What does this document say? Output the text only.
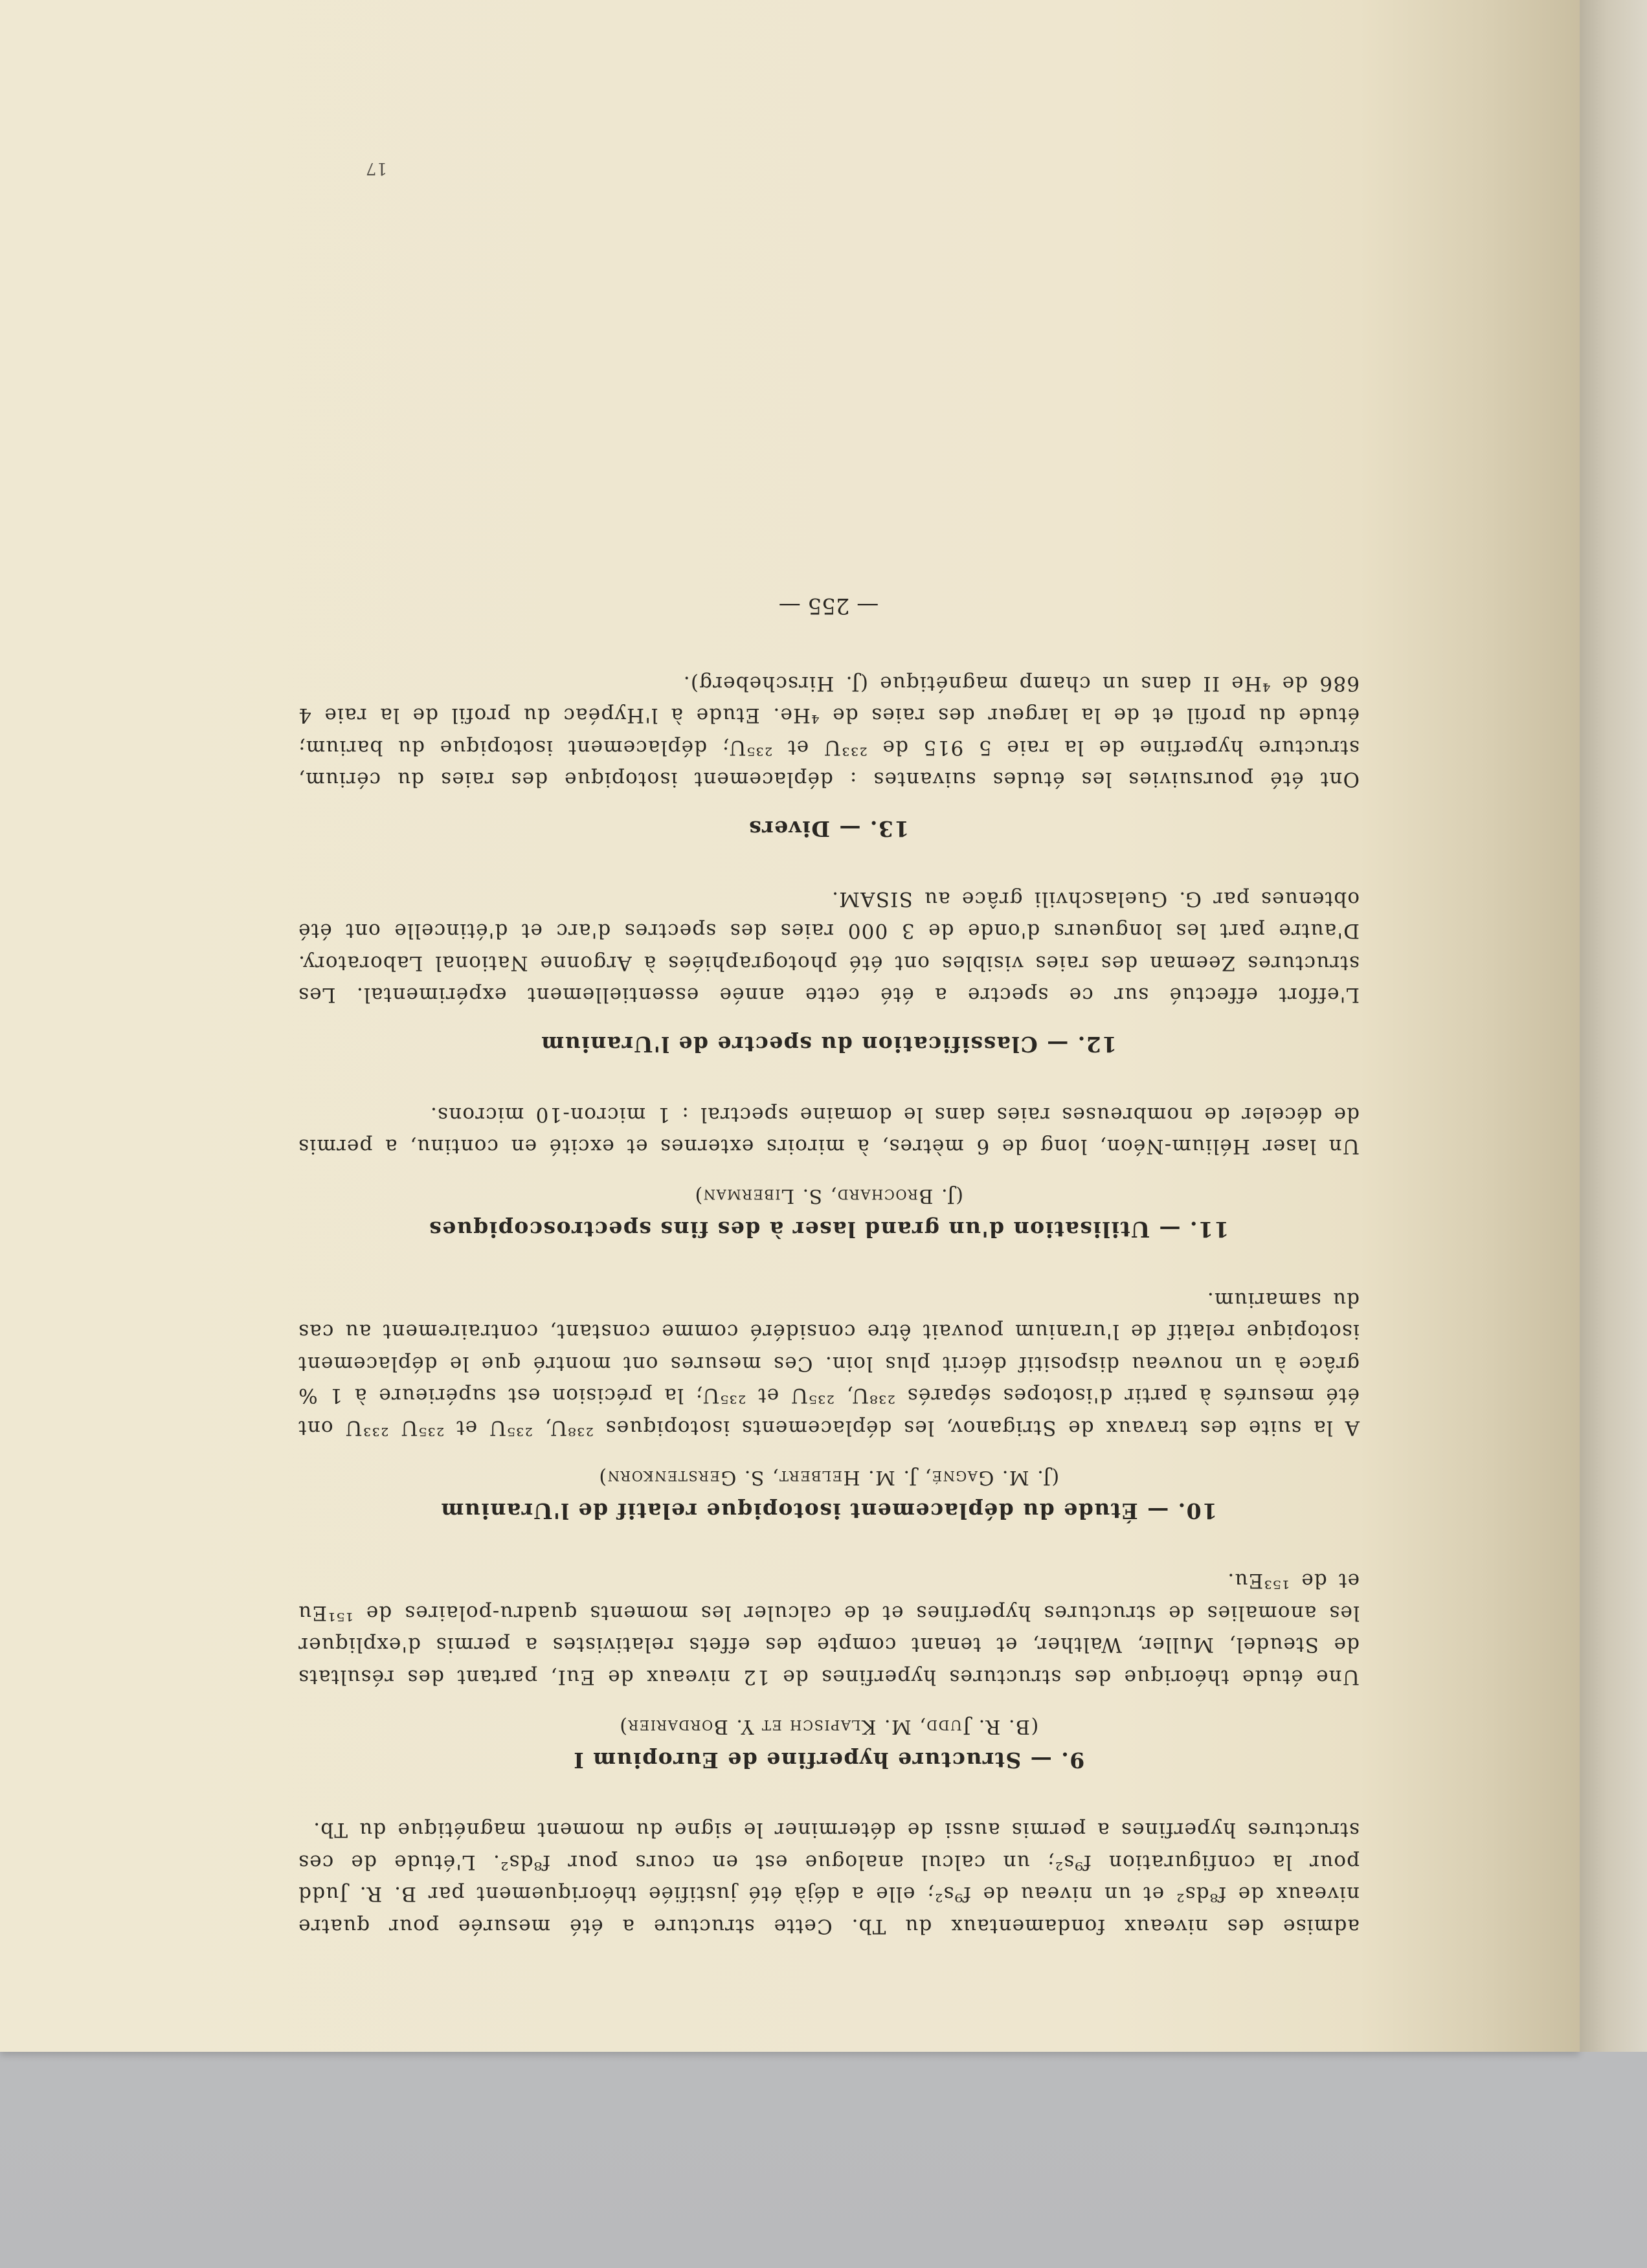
17

admise des niveaux fondamentaux du Tb. Cette structure a été mesurée pour quatre niveaux de f⁸ds² et un niveau de f⁹s²; elle a déjà été justifiée théoriquement par B. R. Judd pour la configuration f⁹s²; un calcul analogue est en cours pour f⁸ds². L'étude de ces structures hyperfines a permis aussi de déterminer le signe du moment magnétique du Tb.

9. — Structure hyperfine de Europium I
(B. R. Judd, M. Klapisch et Y. Bordarier)

Une étude théorique des structures hyperfines de 12 niveaux de EuI, partant des résultats de Steudel, Muller, Walther, et tenant compte des effets relativistes a permis d'expliquer les anomalies de structures hyperfines et de calculer les moments quadru-polaires de ¹⁵¹Eu et de ¹⁵³Eu.

10. — Étude du déplacement isotopique relatif de l'Uranium
(J. M. Gagné, J. M. Helbert, S. Gerstenkorn)

A la suite des travaux de Striganov, les déplacements isotopiques ²³⁸U, ²³⁵U et ²³⁵U ²³³U ont été mesurés à partir d'isotopes séparés ²³⁸U, ²³⁵U et ²³⁵U; la précision est supérieure à 1 % grâce à un nouveau dispositif décrit plus loin. Ces mesures ont montré que le déplacement isotopique relatif de l'uranium pouvait être considéré comme constant, contrairement au cas du samarium.

11. — Utilisation d'un grand laser à des fins spectroscopiques
(J. Brochard, S. Liberman)

Un laser Hélium-Néon, long de 6 mètres, à miroirs externes et excité en continu, a permis de déceler de nombreuses raies dans le domaine spectral : 1 micron-10 microns.

12. — Classification du spectre de l'Uranium

L'effort effectué sur ce spectre a été cette année essentiellement expérimental. Les structures Zeeman des raies visibles ont été photographiées à Argonne National Laboratory. D'autre part les longueurs d'onde de 3 000 raies des spectres d'arc et d'étincelle ont été obtenues par G. Guelaschvili grâce au SISAM.

13. — Divers

Ont été poursuivies les études suivantes : déplacement isotopique des raies du cérium, structure hyperfine de la raie 5 915 de ²³³U et ²³⁵U; déplacement isotopique du barium; étude du profil et de la largeur des raies de ⁴He. Etude à l'Hypéac du profil de la raie 4 686 de ⁴He II dans un champ magnétique (J. Hirscheberg).

— 255 —
